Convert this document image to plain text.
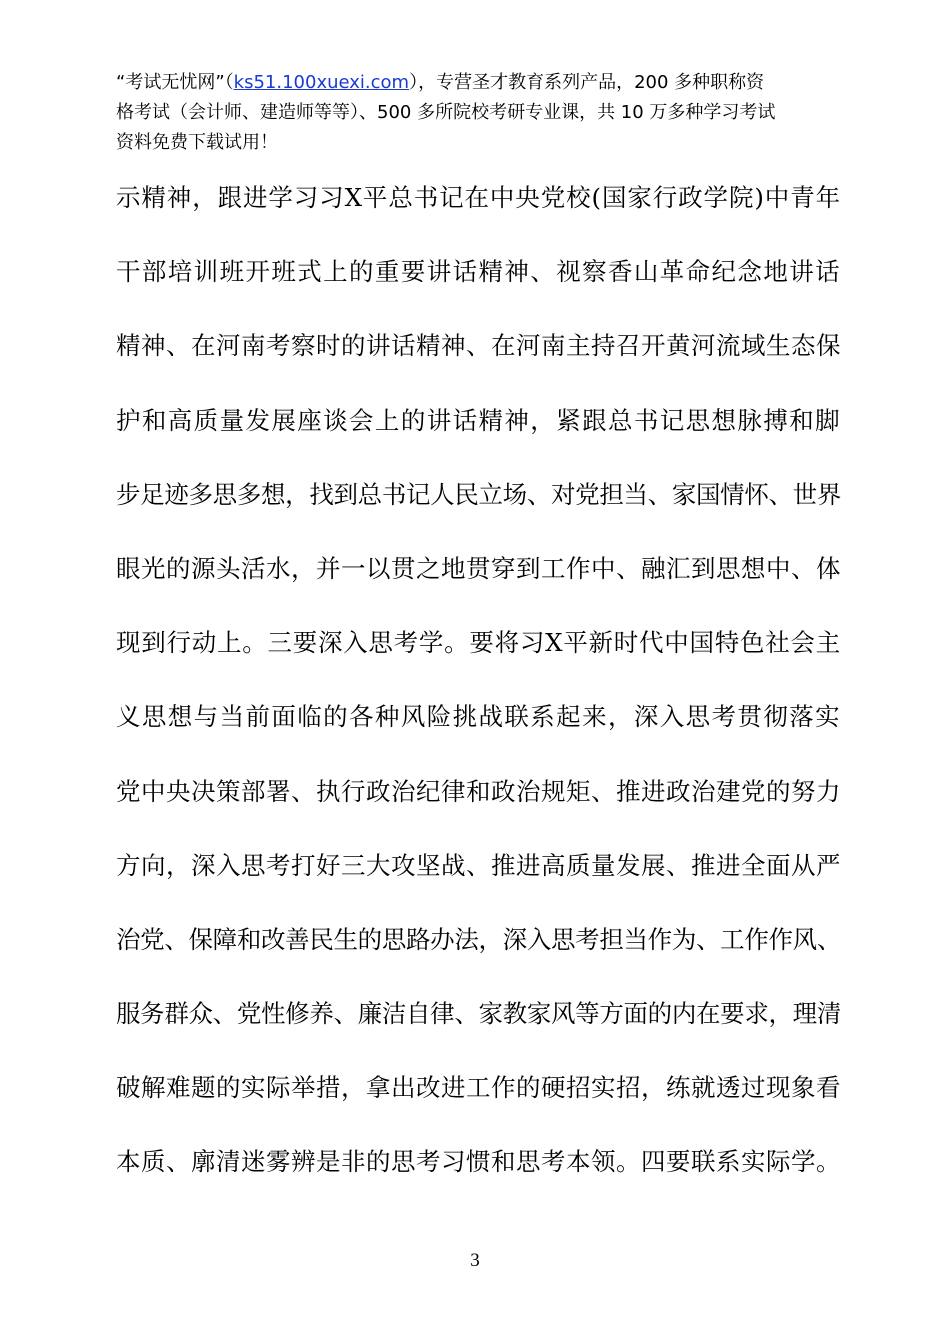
“考试无忧网”（ks51.100xuexi.com），专营圣才教育系列产品，200 多种职称资
格考试（会计师、建造师等等）、500 多所院校考研专业课，共 10 万多种学习考试
资料免费下载试用！
示精神，跟进学习习X平总书记在中央党校(国家行政学院)中青年
干部培训班开班式上的重要讲话精神、视察香山革命纪念地讲话
精神、在河南考察时的讲话精神、在河南主持召开黄河流域生态保
护和高质量发展座谈会上的讲话精神，紧跟总书记思想脉搏和脚
步足迹多思多想，找到总书记人民立场、对党担当、家国情怀、世界
眼光的源头活水，并一以贯之地贯穿到工作中、融汇到思想中、体
现到行动上。三要深入思考学。要将习X平新时代中国特色社会主
义思想与当前面临的各种风险挑战联系起来，深入思考贯彻落实
党中央决策部署、执行政治纪律和政治规矩、推进政治建党的努力
方向，深入思考打好三大攻坚战、推进高质量发展、推进全面从严
治党、保障和改善民生的思路办法，深入思考担当作为、工作作风、
服务群众、党性修养、廉洁自律、家教家风等方面的内在要求，理清
破解难题的实际举措，拿出改进工作的硬招实招，练就透过现象看
本质、廓清迷雾辨是非的思考习惯和思考本领。四要联系实际学。
3
